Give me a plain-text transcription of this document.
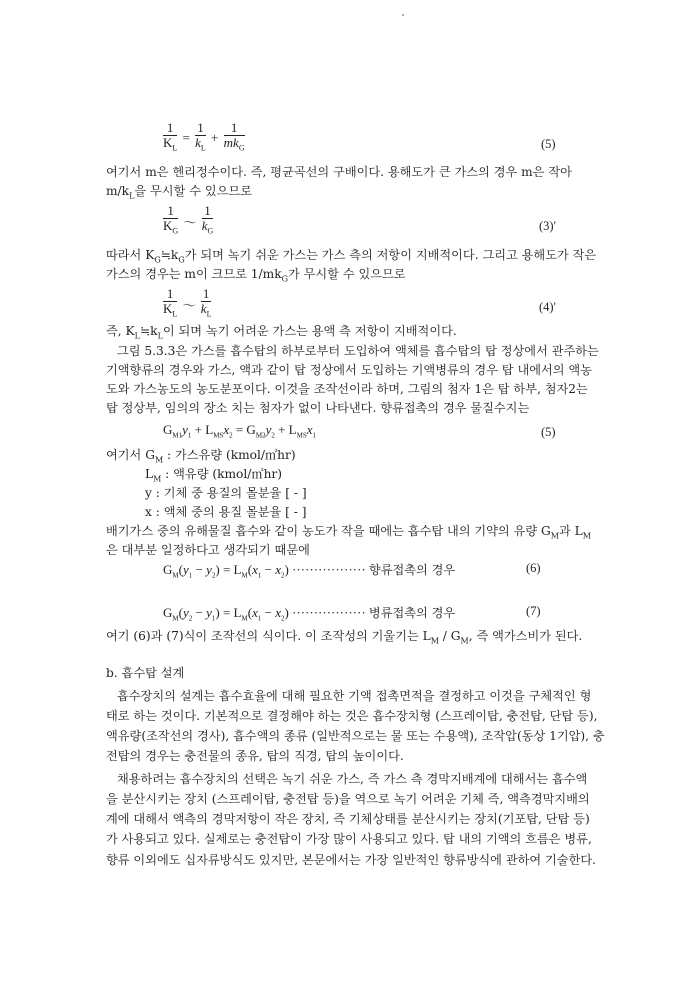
$\frac{1}{K_L} = \frac{1}{k_L} + \frac{1}{mk_G}$	(5)
여기서 m은 헨리정수이다. 즉, 평균곡선의 구배이다. 용해도가 큰 가스의 경우 m은 작아
$m/k_L$을 무시할 수 있으므로
$\frac{1}{K_G}$ 〜 $\frac{1}{k_G}$	(3)'
따라서 $K_G≒k_G$가 되며 녹기 쉬운 가스는 가스 측의 저항이 지배적이다. 그리고 용해도가 작은
가스의 경우는 m이 크므로 $1/mk_G$가 무시할 수 있으므로
$\frac{1}{K_L}$ 〜 $\frac{1}{k_L}$	(4)'
즉, $K_L≒k_L$이 되며 녹기 어려운 가스는 용액 측 저항이 지배적이다.
그림 5.3.3은 가스를 흡수탑의 하부로부터 도입하여 액체를 흡수탑의 탑 정상에서 관주하는
기액향류의 경우와 가스, 액과 같이 탑 정상에서 도입하는 기액병류의 경우 탑 내에서의 액농
도와 가스농도의 농도분포이다. 이것을 조작선이라 하며, 그림의 첨자 1은 탑 하부, 첨자2는
탑 정상부, 임의의 장소 치는 첨자가 없이 나타낸다. 향류접촉의 경우 물질수지는
$G_{M1}y_1 + L_{MS}x_2 = G_{M2}y_2 + L_{MS}x_1$	(5)
여기서 $G_M$ : 가스유량 (kmol/㎡hr)
$L_M$ : 액유량 (kmol/㎡hr)
y : 기체 중 용질의 몰분율 [ - ]
x : 액체 중의 용질 몰분율 [ - ]
배기가스 중의 유해물질 흡수와 같이 농도가 작을 때에는 흡수탑 내의 기약의 유량 $G_M$과 $L_M$
은 대부분 일정하다고 생각되기 때문에
$G_M(y_1 - y_2) = L_M(x_1 - x_2)$ ················· 향류접촉의 경우	(6)
$G_M(y_2 - y_1) = L_M(x_1 - x_2)$ ················· 병류접촉의 경우	(7)
여기 (6)과 (7)식이 조작선의 식이다. 이 조작성의 기울기는 $L_M / G_M$, 즉 액가스비가 된다.
b. 흡수탑 설계
흡수장치의 설계는 흡수효율에 대해 필요한 기액 접촉면적을 결정하고 이것을 구체적인 형
태로 하는 것이다. 기본적으로 결정해야 하는 것은 흡수장치형 (스프레이탑, 충전탑, 단탑 등),
액유량(조작선의 경사), 흡수액의 종류 (일반적으로는 물 또는 수용액), 조작압(동상 1기압), 충
전탑의 경우는 충전물의 종유, 탑의 직경, 탑의 높이이다.
채용하려는 흡수장치의 선택은 녹기 쉬운 가스, 즉 가스 측 경막지배계에 대해서는 흡수액
을 분산시키는 장치 (스프레이탑, 충전탑 등)을 역으로 녹기 어려운 기체 즉, 액측경막지배의
계에 대해서 액측의 경막저항이 작은 장치, 즉 기체상태를 분산시키는 장치(기포탑, 단탑 등)
가 사용되고 있다. 실제로는 충전탑이 가장 많이 사용되고 있다. 탑 내의 기액의 흐름은 병류,
향류 이외에도 십자류방식도 있지만, 본문에서는 가장 일반적인 향류방식에 관하여 기술한다.
